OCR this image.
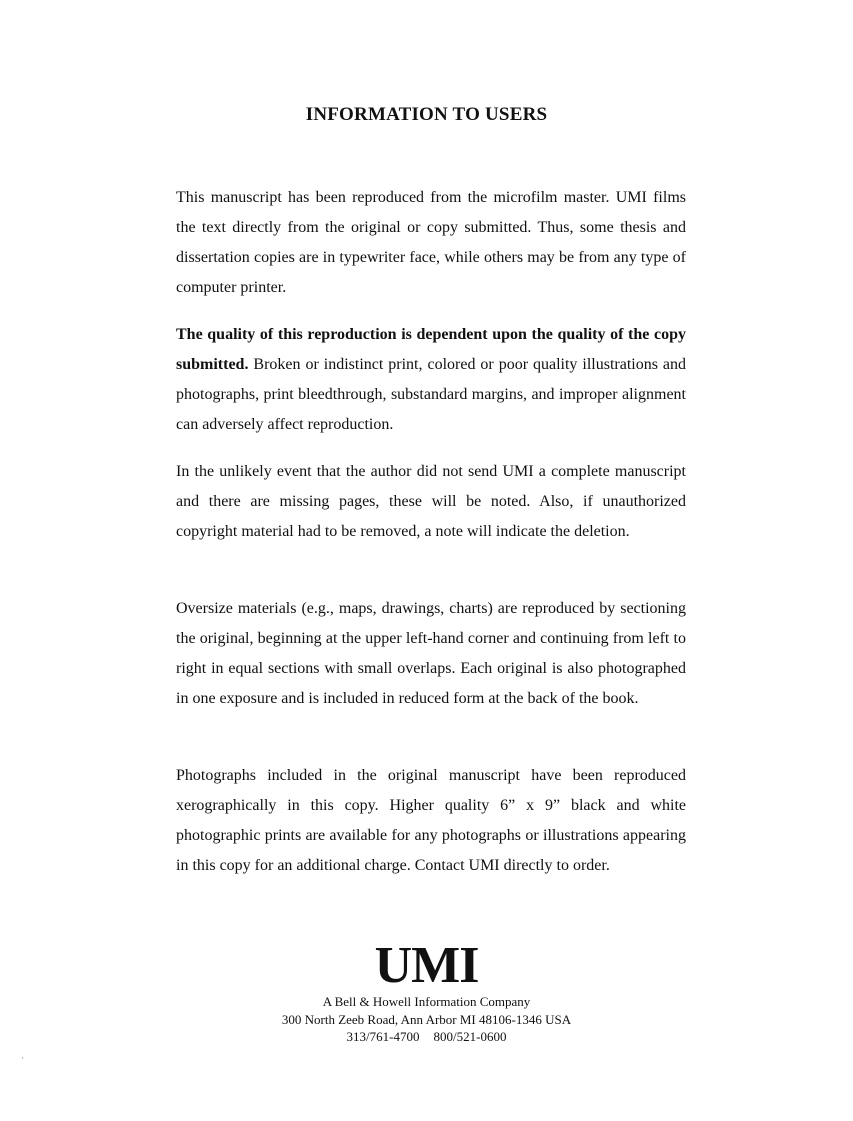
INFORMATION TO USERS

This manuscript has been reproduced from the microfilm master. UMI films the text directly from the original or copy submitted. Thus, some thesis and dissertation copies are in typewriter face, while others may be from any type of computer printer.

The quality of this reproduction is dependent upon the quality of the copy submitted. Broken or indistinct print, colored or poor quality illustrations and photographs, print bleedthrough, substandard margins, and improper alignment can adversely affect reproduction.

In the unlikely event that the author did not send UMI a complete manuscript and there are missing pages, these will be noted. Also, if unauthorized copyright material had to be removed, a note will indicate the deletion.

Oversize materials (e.g., maps, drawings, charts) are reproduced by sectioning the original, beginning at the upper left-hand corner and continuing from left to right in equal sections with small overlaps. Each original is also photographed in one exposure and is included in reduced form at the back of the book.

Photographs included in the original manuscript have been reproduced xerographically in this copy. Higher quality 6” x 9” black and white photographic prints are available for any photographs or illustrations appearing in this copy for an additional charge. Contact UMI directly to order.

UMI
A Bell & Howell Information Company
300 North Zeeb Road, Ann Arbor MI 48106-1346 USA
313/761-4700 800/521-0600
